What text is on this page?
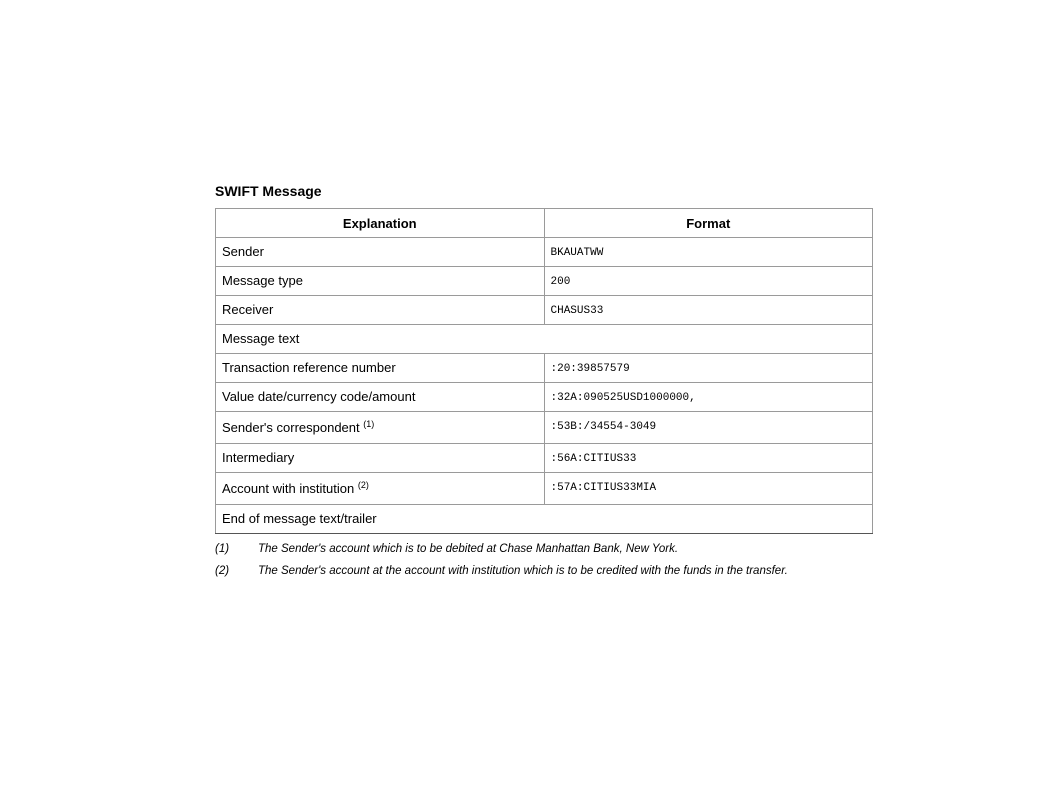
SWIFT Message
Explanation	Format

Sender	BKAUATWW

Message type	200

Receiver	CHASUS33

Message text	

Transaction reference number	:20:39857579

Value date/currency code/amount	:32A:090525USD1000000,

Sender's correspondent $^{(1)}$	:53B:/34554-3049

Intermediary	:56A:CITIUS33

Account with institution $^{(2)}$	:57A:CITIUS33MIA

End of message text/trailer	
(1)	The Sender's account which is to be debited at Chase Manhattan Bank, New York.
(2)	The Sender's account at the account with institution which is to be credited with the funds in the transfer.
